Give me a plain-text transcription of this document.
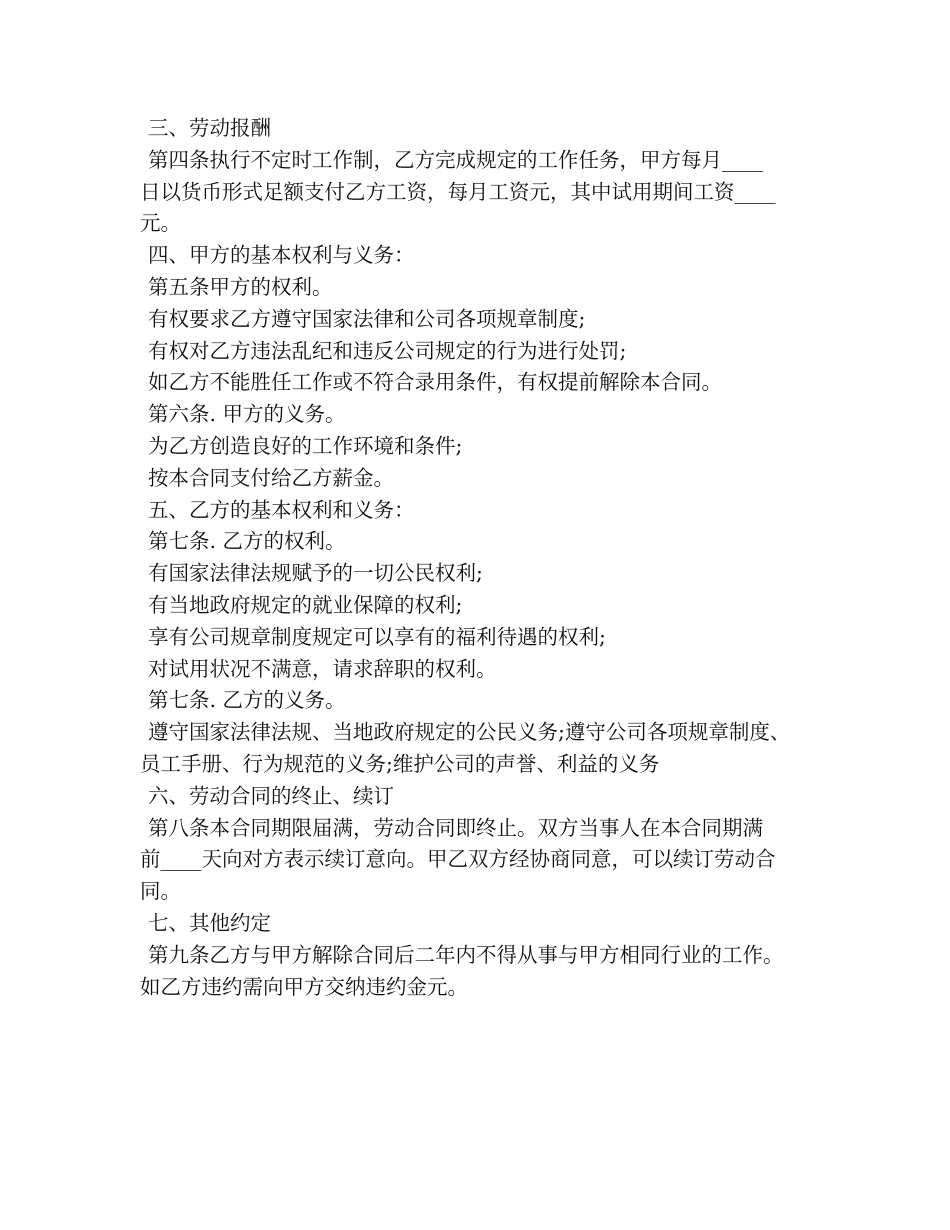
三、劳动报酬
第四条执行不定时工作制，乙方完成规定的工作任务，甲方每月____
日以货币形式足额支付乙方工资，每月工资元，其中试用期间工资____
元。
四、甲方的基本权利与义务：
第五条甲方的权利。
有权要求乙方遵守国家法律和公司各项规章制度;
有权对乙方违法乱纪和违反公司规定的行为进行处罚;
如乙方不能胜任工作或不符合录用条件，有权提前解除本合同。
第六条. 甲方的义务。
为乙方创造良好的工作环境和条件;
按本合同支付给乙方薪金。
五、乙方的基本权利和义务：
第七条. 乙方的权利。
有国家法律法规赋予的一切公民权利;
有当地政府规定的就业保障的权利;
享有公司规章制度规定可以享有的福利待遇的权利;
对试用状况不满意，请求辞职的权利。
第七条. 乙方的义务。
遵守国家法律法规、当地政府规定的公民义务;遵守公司各项规章制度、
员工手册、行为规范的义务;维护公司的声誉、利益的义务
六、劳动合同的终止、续订
第八条本合同期限届满，劳动合同即终止。双方当事人在本合同期满
前____天向对方表示续订意向。甲乙双方经协商同意，可以续订劳动合
同。
七、其他约定
第九条乙方与甲方解除合同后二年内不得从事与甲方相同行业的工作。
如乙方违约需向甲方交纳违约金元。
